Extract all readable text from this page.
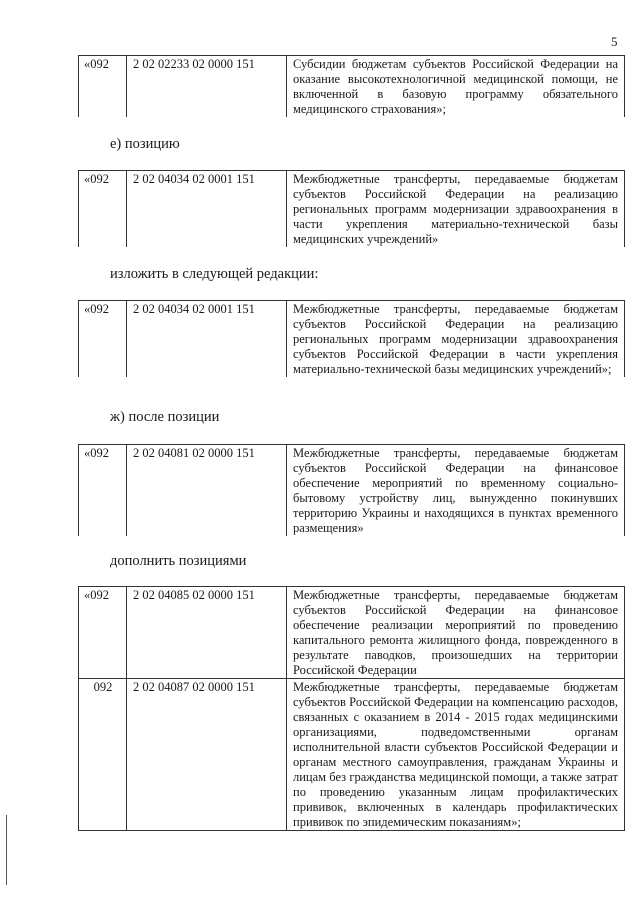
5
«092	2 02 02233 02 0000 151	Субсидии бюджетам субъектов Российской Федерации на оказание высокотехнологичной медицинской помощи, не включенной в базовую программу обязательного медицинского страхования»;
е) позицию
«092	2 02 04034 02 0001 151	Межбюджетные трансферты, передаваемые бюджетам субъектов Российской Федерации на реализацию региональных программ модернизации здравоохранения в части укрепления материально-технической базы медицинских учреждений»
изложить в следующей редакции:
«092	2 02 04034 02 0001 151	Межбюджетные трансферты, передаваемые бюджетам субъектов Российской Федерации на реализацию региональных программ модернизации здравоохранения субъектов Российской Федерации в части укрепления материально-технической базы медицинских учреждений»;
ж) после позиции
«092	2 02 04081 02 0000 151	Межбюджетные трансферты, передаваемые бюджетам субъектов Российской Федерации на финансовое обеспечение мероприятий по временному социально-бытовому устройству лиц, вынужденно покинувших территорию Украины и находящихся в пунктах временного размещения»
дополнить позициями
«092	2 02 04085 02 0000 151	Межбюджетные трансферты, передаваемые бюджетам субъектов Российской Федерации на финансовое обеспечение реализации мероприятий по проведению капитального ремонта жилищного фонда, поврежденного в результате паводков, произошедших на территории Российской Федерации
092	2 02 04087 02 0000 151	Межбюджетные трансферты, передаваемые бюджетам субъектов Российской Федерации на компенсацию расходов, связанных с оказанием в 2014 - 2015 годах медицинскими организациями, подведомственными органам исполнительной власти субъектов Российской Федерации и органам местного самоуправления, гражданам Украины и лицам без гражданства медицинской помощи, а также затрат по проведению указанным лицам профилактических прививок, включенных в календарь профилактических прививок по эпидемическим показаниям»;
